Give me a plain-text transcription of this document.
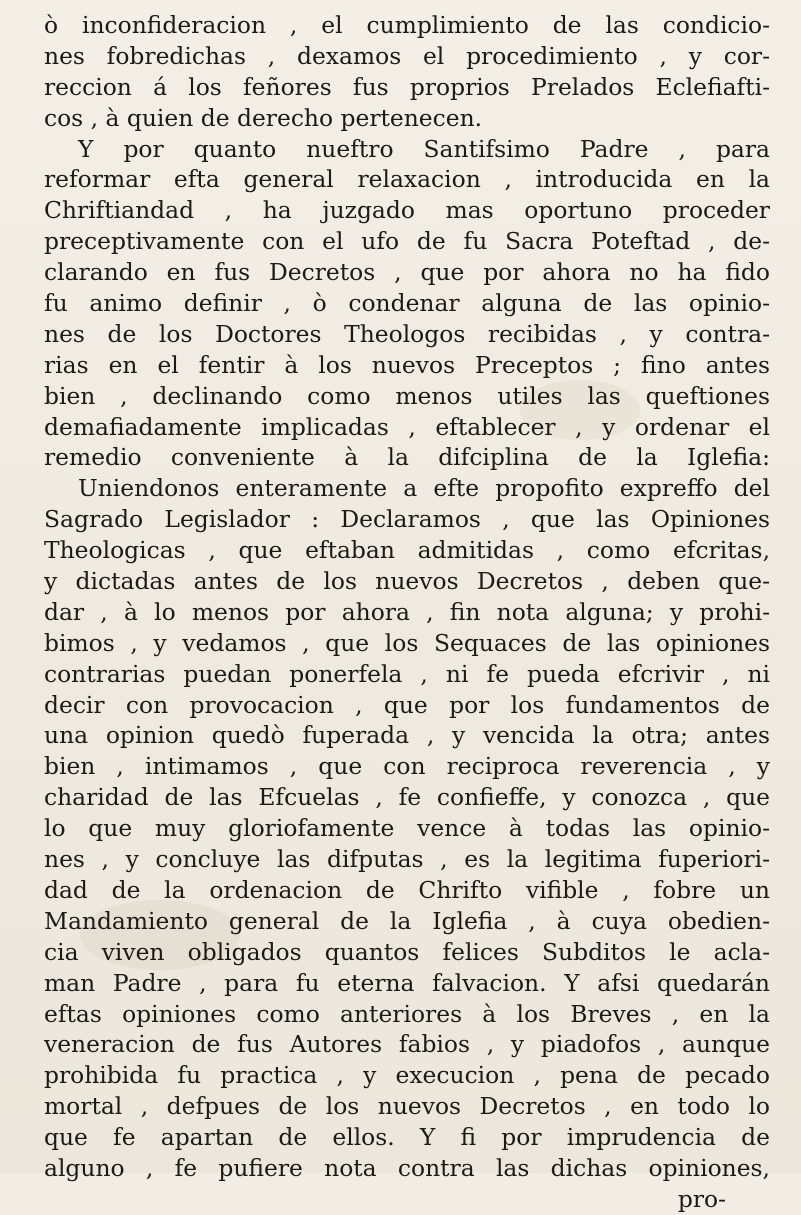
ò inconfideracion , el cumplimiento de las condicio-
nes fobredichas , dexamos el procedimiento , y cor-
reccion á los feñores fus proprios Prelados Eclefiafti-
cos , à quien de derecho pertenecen.
Y por quanto nueftro Santifsimo Padre , para
reformar efta general relaxacion , introducida en la
Chriftiandad , ha juzgado mas oportuno proceder
preceptivamente con el ufo de fu Sacra Poteftad , de-
clarando en fus Decretos , que por ahora no ha fido
fu animo definir , ò condenar alguna de las opinio-
nes de los Doctores Theologos recibidas , y contra-
rias en el fentir à los nuevos Preceptos ; fino antes
bien , declinando como menos utiles las queftiones
demafiadamente implicadas , eftablecer , y ordenar el
remedio conveniente à la difciplina de la Iglefia:
Uniendonos enteramente a efte propofito expreffo del
Sagrado Legislador : Declaramos , que las Opiniones
Theologicas , que eftaban admitidas , como efcritas,
y dictadas antes de los nuevos Decretos , deben que-
dar , à lo menos por ahora , fin nota alguna; y prohi-
bimos , y vedamos , que los Sequaces de las opiniones
contrarias puedan ponerfela , ni fe pueda efcrivir , ni
decir con provocacion , que por los fundamentos de
una opinion quedò fuperada , y vencida la otra; antes
bien , intimamos , que con reciproca reverencia , y
charidad de las Efcuelas , fe confieffe, y conozca , que
lo que muy gloriofamente vence à todas las opinio-
nes , y concluye las difputas , es la legitima fuperiori-
dad de la ordenacion de Chrifto vifible , fobre un
Mandamiento general de la Iglefia , à cuya obedien-
cia viven obligados quantos felices Subditos le acla-
man Padre , para fu eterna falvacion. Y afsi quedarán
eftas opiniones como anteriores à los Breves , en la
veneracion de fus Autores fabios , y piadofos , aunque
prohibida fu practica , y execucion , pena de pecado
mortal , defpues de los nuevos Decretos , en todo lo
que fe apartan de ellos. Y fi por imprudencia de
alguno , fe pufiere nota contra las dichas opiniones,
pro-
